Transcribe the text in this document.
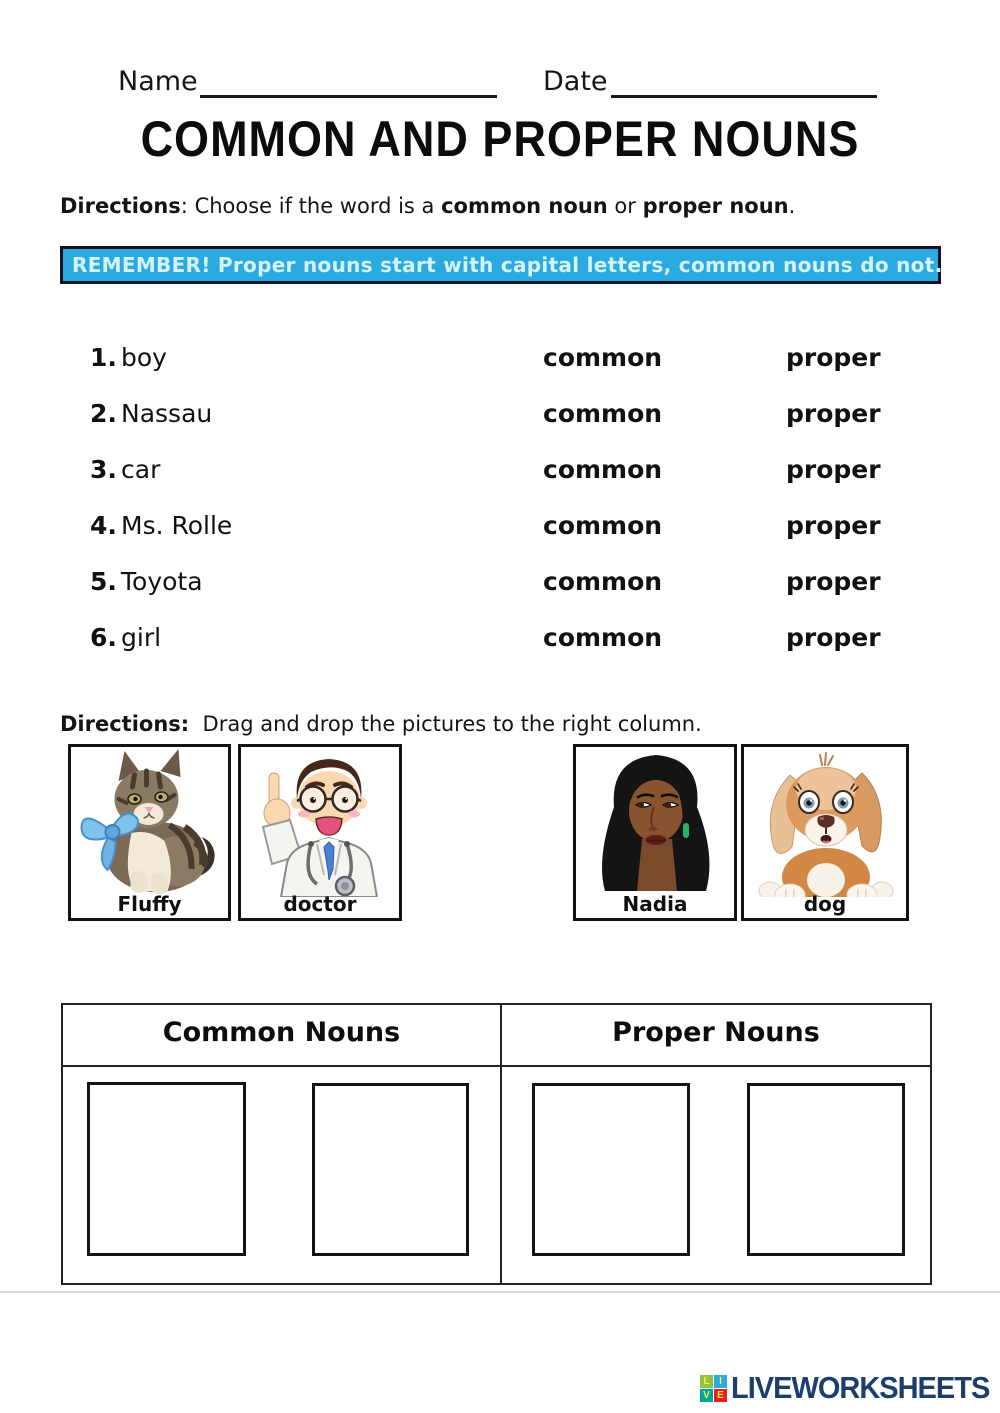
Name	Date
COMMON AND PROPER NOUNS
Directions: Choose if the word is a common noun or proper noun.
REMEMBER! Proper nouns start with capital letters, common nouns do not.
1. boy	common	proper
2. Nassau	common	proper
3. car	common	proper
4. Ms. Rolle	common	proper
5. Toyota	common	proper
6. girl	common	proper
Directions:  Drag and drop the pictures to the right column.
Fluffy	doctor	Nadia	dog
Common Nouns	Proper Nouns
L I
V E LIVEWORKSHEETS
